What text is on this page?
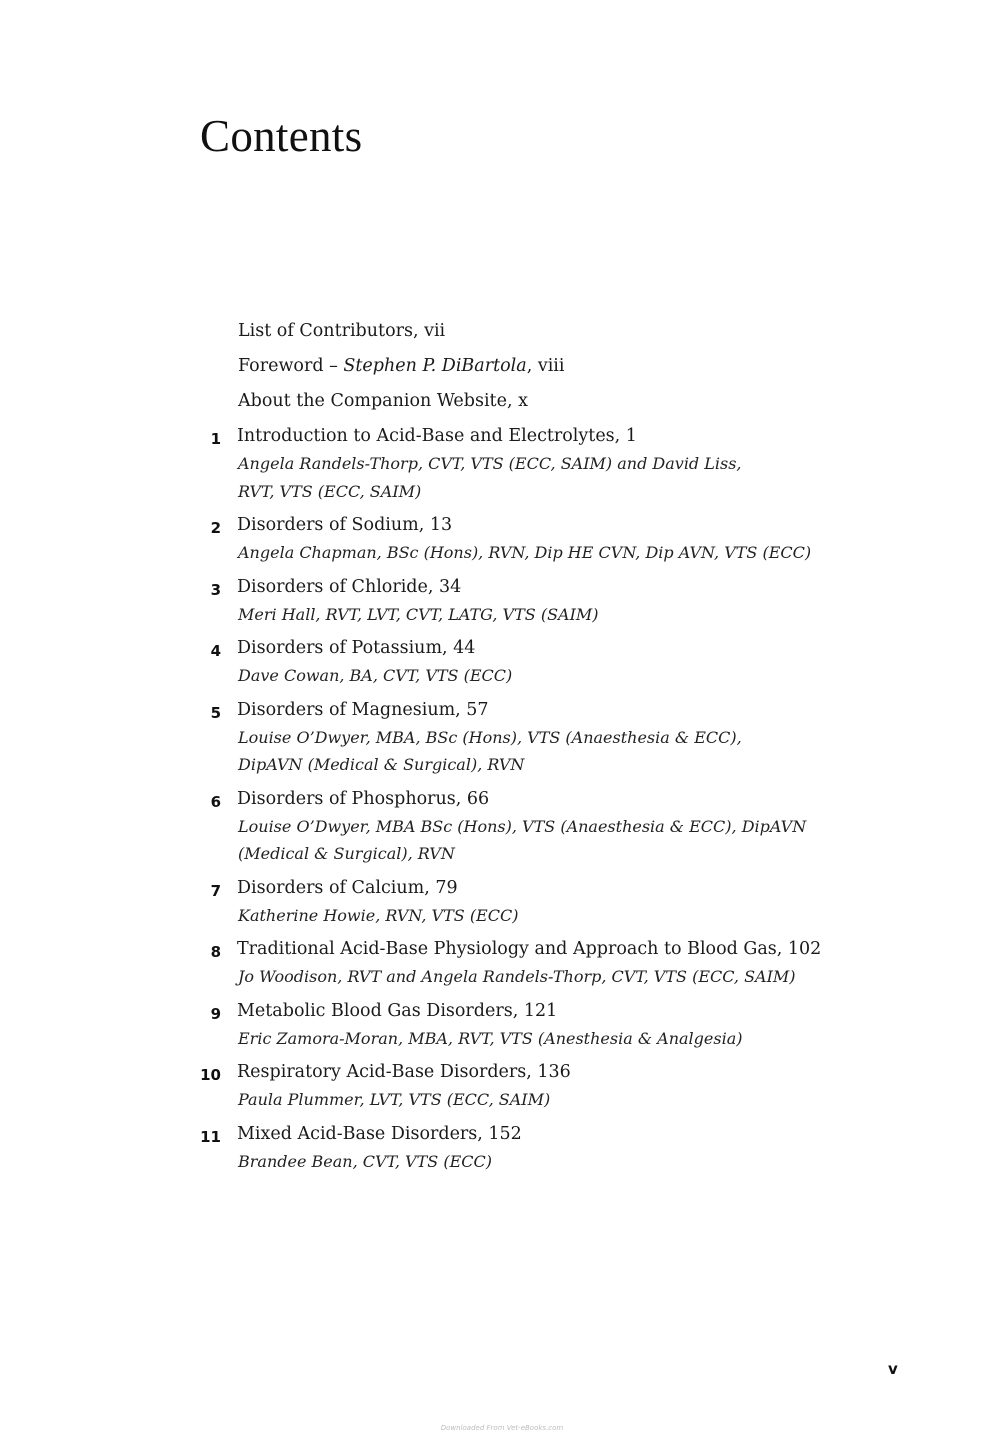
Contents
List of Contributors, vii
Foreword – Stephen P. DiBartola, viii
About the Companion Website, x
1 Introduction to Acid-Base and Electrolytes, 1
Angela Randels-Thorp, CVT, VTS (ECC, SAIM) and David Liss,
RVT, VTS (ECC, SAIM)
2 Disorders of Sodium, 13
Angela Chapman, BSc (Hons), RVN, Dip HE CVN, Dip AVN, VTS (ECC)
3 Disorders of Chloride, 34
Meri Hall, RVT, LVT, CVT, LATG, VTS (SAIM)
4 Disorders of Potassium, 44
Dave Cowan, BA, CVT, VTS (ECC)
5 Disorders of Magnesium, 57
Louise O’Dwyer, MBA, BSc (Hons), VTS (Anaesthesia & ECC),
DipAVN (Medical & Surgical), RVN
6 Disorders of Phosphorus, 66
Louise O’Dwyer, MBA BSc (Hons), VTS (Anaesthesia & ECC), DipAVN
(Medical & Surgical), RVN
7 Disorders of Calcium, 79
Katherine Howie, RVN, VTS (ECC)
8 Traditional Acid-Base Physiology and Approach to Blood Gas, 102
Jo Woodison, RVT and Angela Randels-Thorp, CVT, VTS (ECC, SAIM)
9 Metabolic Blood Gas Disorders, 121
Eric Zamora-Moran, MBA, RVT, VTS (Anesthesia & Analgesia)
10 Respiratory Acid-Base Disorders, 136
Paula Plummer, LVT, VTS (ECC, SAIM)
11 Mixed Acid-Base Disorders, 152
Brandee Bean, CVT, VTS (ECC)
v
Downloaded From Vet-eBooks.com
